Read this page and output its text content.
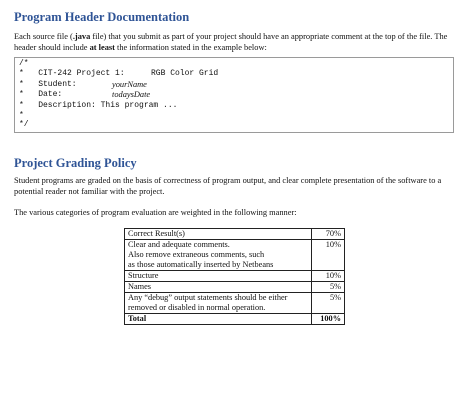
Program Header Documentation

Each source file (.java file) that you submit as part of your project should have an appropriate comment at the top of the file. The header should include at least the information stated in the example below:

/*
*   CIT-242 Project 1:	RGB Color Grid
*   Student:	yourName
*   Date:	todaysDate
*   Description: This program ...
*
*/
Project Grading Policy

Student programs are graded on the basis of correctness of program output, and clear complete presentation of the software to a potential reader not familiar with the project.

The various categories of program evaluation are weighted in the following manner:

Correct Result(s)	70%

Clear and adequate comments.
Also remove extraneous comments, such
as those automatically inserted by Netbeans	10%
Structure	10%
Names	5%

Any “debug” output statements should be either
removed or disabled in normal operation.	5%
Total	100%
